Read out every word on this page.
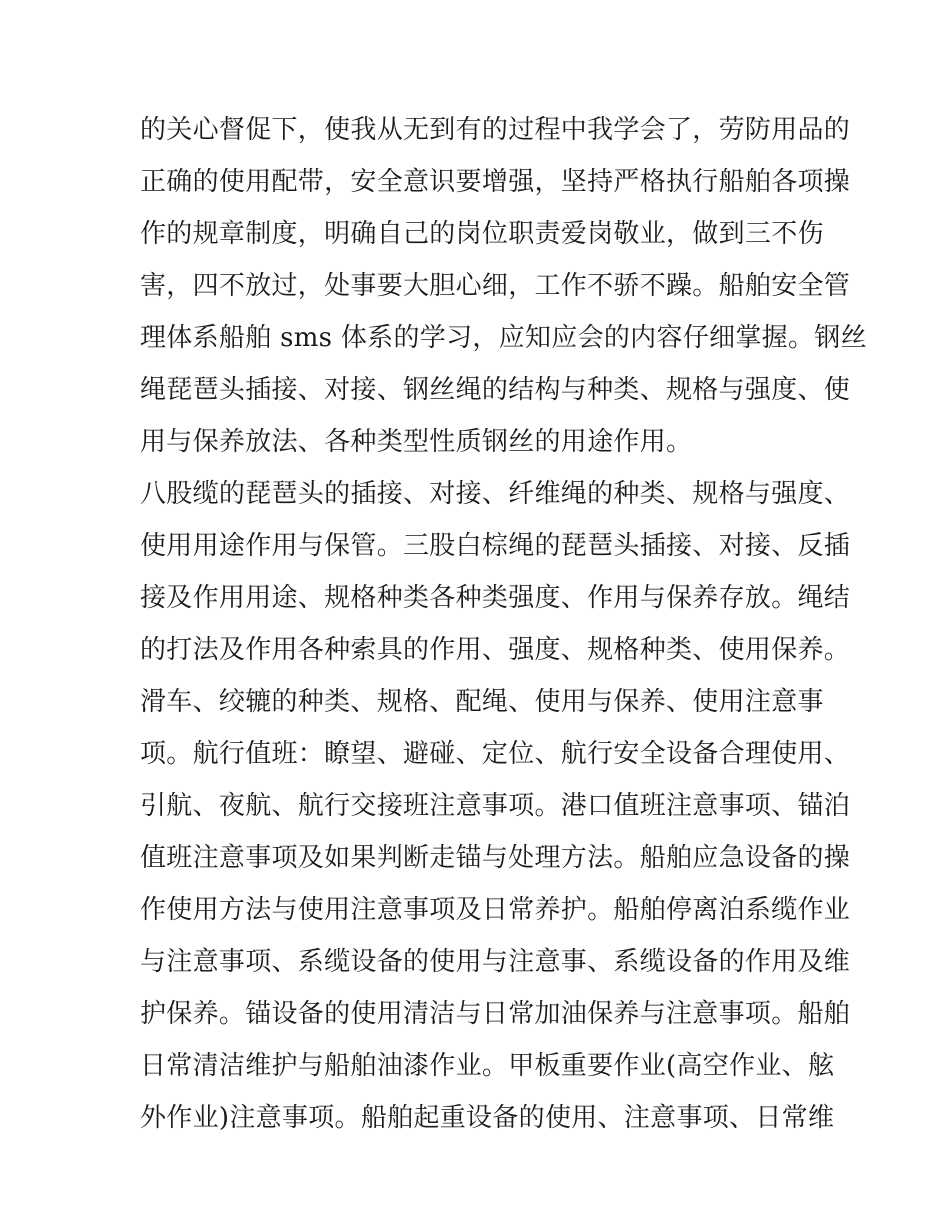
的关心督促下，使我从无到有的过程中我学会了，劳防用品的
正确的使用配带，安全意识要增强，坚持严格执行船舶各项操
作的规章制度，明确自己的岗位职责爱岗敬业，做到三不伤
害，四不放过，处事要大胆心细，工作不骄不躁。船舶安全管
理体系船舶 sms 体系的学习，应知应会的内容仔细掌握。钢丝
绳琵琶头插接、对接、钢丝绳的结构与种类、规格与强度、使
用与保养放法、各种类型性质钢丝的用途作用。
八股缆的琵琶头的插接、对接、纤维绳的种类、规格与强度、
使用用途作用与保管。三股白棕绳的琵琶头插接、对接、反插
接及作用用途、规格种类各种类强度、作用与保养存放。绳结
的打法及作用各种索具的作用、强度、规格种类、使用保养。
滑车、绞辘的种类、规格、配绳、使用与保养、使用注意事
项。航行值班：瞭望、避碰、定位、航行安全设备合理使用、
引航、夜航、航行交接班注意事项。港口值班注意事项、锚泊
值班注意事项及如果判断走锚与处理方法。船舶应急设备的操
作使用方法与使用注意事项及日常养护。船舶停离泊系缆作业
与注意事项、系缆设备的使用与注意事、系缆设备的作用及维
护保养。锚设备的使用清洁与日常加油保养与注意事项。船舶
日常清洁维护与船舶油漆作业。甲板重要作业(高空作业、舷
外作业)注意事项。船舶起重设备的使用、注意事项、日常维
